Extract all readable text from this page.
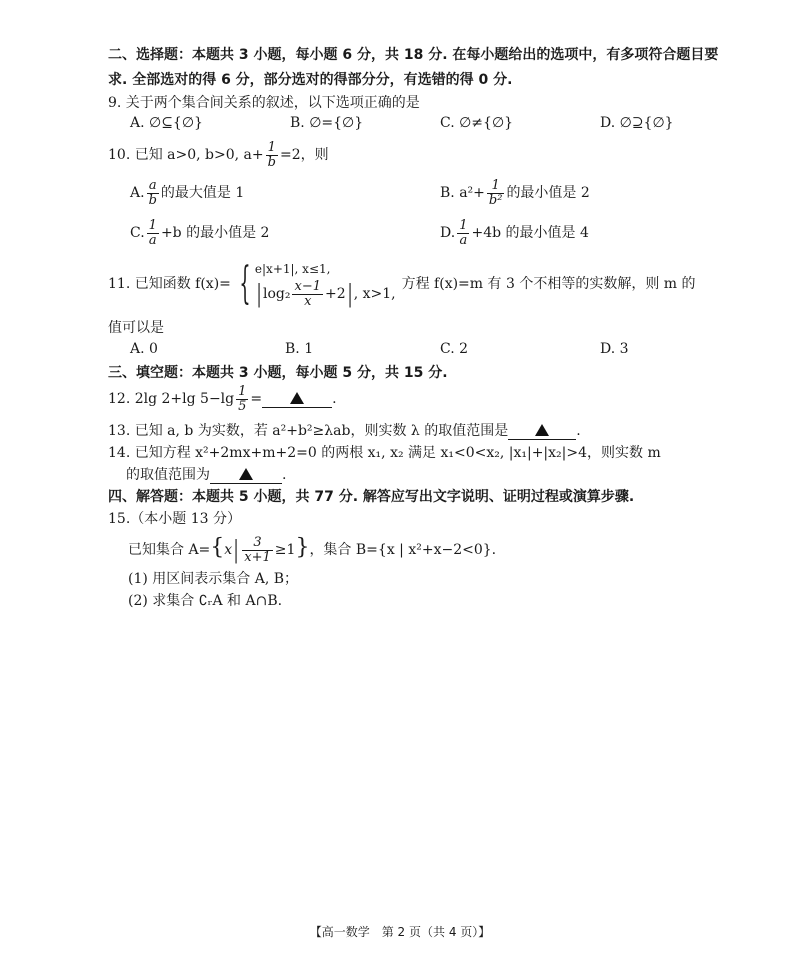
二、选择题：本题共 3 小题，每小题 6 分，共 18 分. 在每小题给出的选项中，有多项符合题目要
求. 全部选对的得 6 分，部分选对的得部分分，有选错的得 0 分.
9. 关于两个集合间关系的叙述，以下选项正确的是
A. ∅⊆{∅}	B. ∅={∅}	C. ∅≠{∅}	D. ∅⊇{∅}
10. 已知 a>0, b>0, $a+ \frac{1}{b} =2$，则
A. $\frac{a}{b}$ 的最大值是 1	B. $a^2+ \frac{1}{\text{b²}}$ 的最小值是 2
C. $\frac{1}{a} +b$ 的最小值是 2	D. $\frac{1}{a} +4b$ 的最小值是 4
11. 已知函数 f(x)= { e|x+1|, x≤1,
| $\log_2 \frac{x-1}{x} +2|$ , x>1,
方程 f(x)=m 有 3 个不相等的实数解，则 m 的
值可以是
A. 0	B. 1	C. 2	D. 3
三、填空题：本题共 3 小题，每小题 5 分，共 15 分.
12. 2lg 2+lg $5-\lg \frac{1}{5}$ =	.
13. 已知 a, b 为实数，若 a²+b²≥λab，则实数 λ 的取值范围是	.
14. 已知方程 x²+2mx+m+2=0 的两根 x₁, x₂ 满足 x₁<0<x₂, |x₁|+|x₂|>4，则实数 m
的取值范围为	.
四、解答题：本题共 5 小题，共 77 分. 解答应写出文字说明、证明过程或演算步骤.
15.（本小题 13 分）
已知集合 $A=\{x| \frac{3}{x+1} \ge 1\}$，集合 B={x | x²+x−2<0}.
(1) 用区间表示集合 A, B；
(2) 求集合 ∁ᵣA 和 A∩B.
【高一数学　第 2 页（共 4 页）】
